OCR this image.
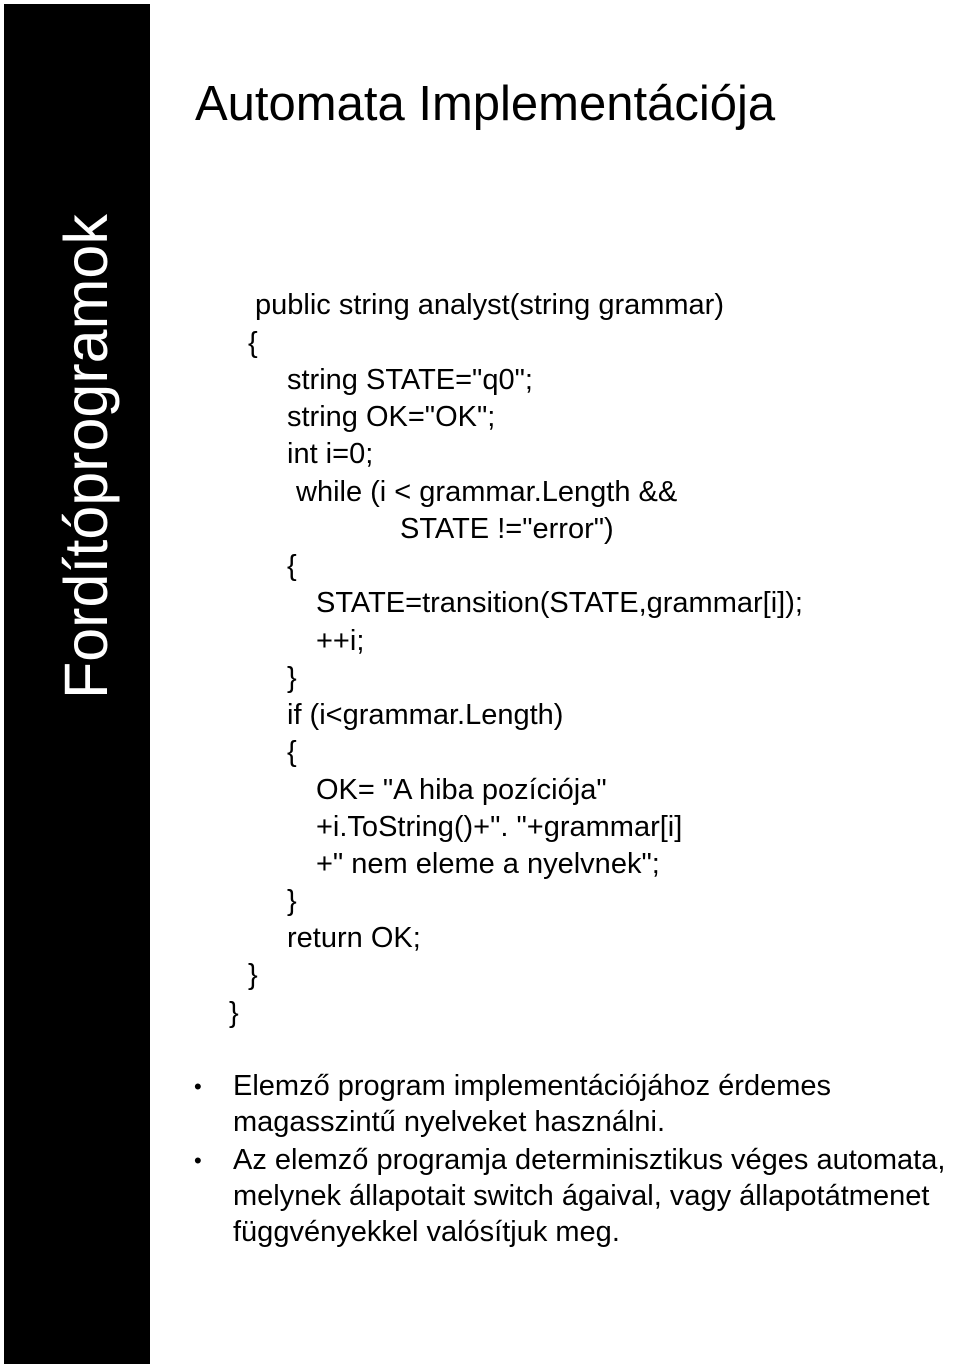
Fordítóprogramok
Automata Implementációja

public string analyst(string grammar)

{

string STATE="q0";

string OK="OK";

int i=0;

while (i < grammar.Length &&

STATE !="error")

{

STATE=transition(STATE,grammar[i]);

++i;

}

if (i<grammar.Length)

{

OK= "A hiba pozíciója"

+i.ToString()+". "+grammar[i]

+" nem eleme a nyelvnek";

}

return OK;

}

}

• Elemző program implementációjához érdemes magasszintű nyelveket használni.

• Az elemző programja determinisztikus véges automata, melynek állapotait switch ágaival, vagy állapotátmenet függvényekkel valósítjuk meg.
